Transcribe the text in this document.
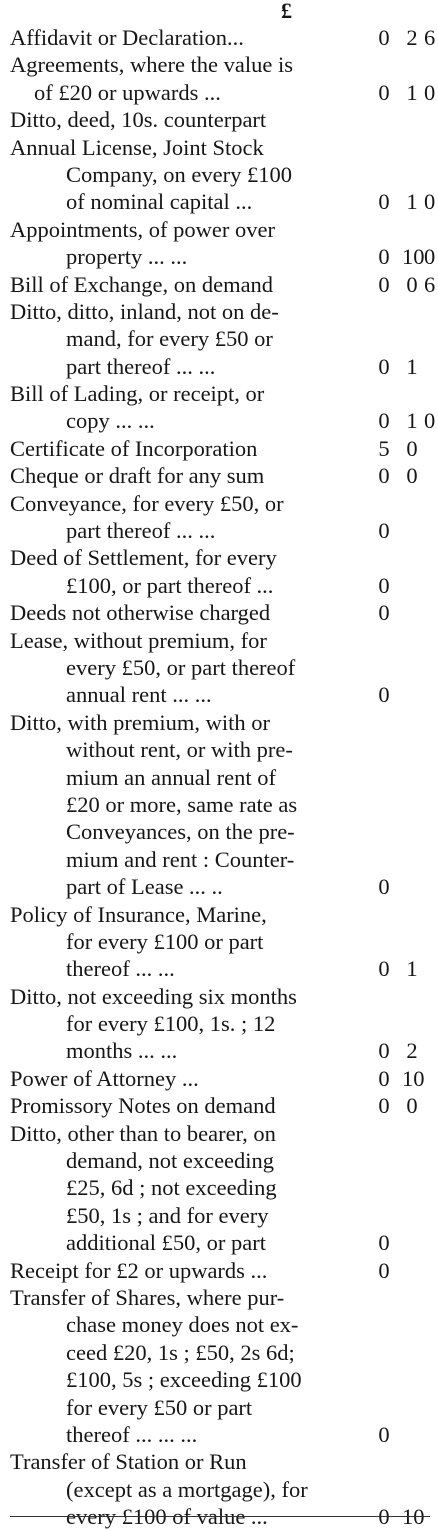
£
Affidavit or Declaration...	0 2 6
Agreements, where the value is
of £20 or upwards ...	0 1 0
Ditto, deed, 10s. counterpart
Annual License, Joint Stock
Company, on every £100
of nominal capital ...	0 1 0
Appointments, of power over
property ... ...	0 10 0
Bill of Exchange, on demand	0 0 6
Ditto, ditto, inland, not on de-
mand, for every £50 or
part thereof ... ...	0 1
Bill of Lading, or receipt, or
copy ... ...	0 1 0
Certificate of Incorporation	5 0
Cheque or draft for any sum	0 0
Conveyance, for every £50, or
part thereof ... ...	0
Deed of Settlement, for every
£100, or part thereof ...	0
Deeds not otherwise charged	0
Lease, without premium, for
every £50, or part thereof
annual rent ... ...	0
Ditto, with premium, with or
without rent, or with pre-
mium an annual rent of
£20 or more, same rate as
Conveyances, on the pre-
mium and rent : Counter-
part of Lease ... ..	0
Policy of Insurance, Marine,
for every £100 or part
thereof ... ...	0 1
Ditto, not exceeding six months
for every £100, 1s. ; 12
months ... ...	0 2
Power of Attorney ...	0 10
Promissory Notes on demand	0 0
Ditto, other than to bearer, on
demand, not exceeding
£25, 6d ; not exceeding
£50, 1s ; and for every
additional £50, or part	0
Receipt for £2 or upwards ...	0
Transfer of Shares, where pur-
chase money does not ex-
ceed £20, 1s ; £50, 2s 6d;
£100, 5s ; exceeding £100
for every £50 or part
thereof ... ... ...	0
Transfer of Station or Run
(except as a mortgage), for
every £100 of value ...	0 10
